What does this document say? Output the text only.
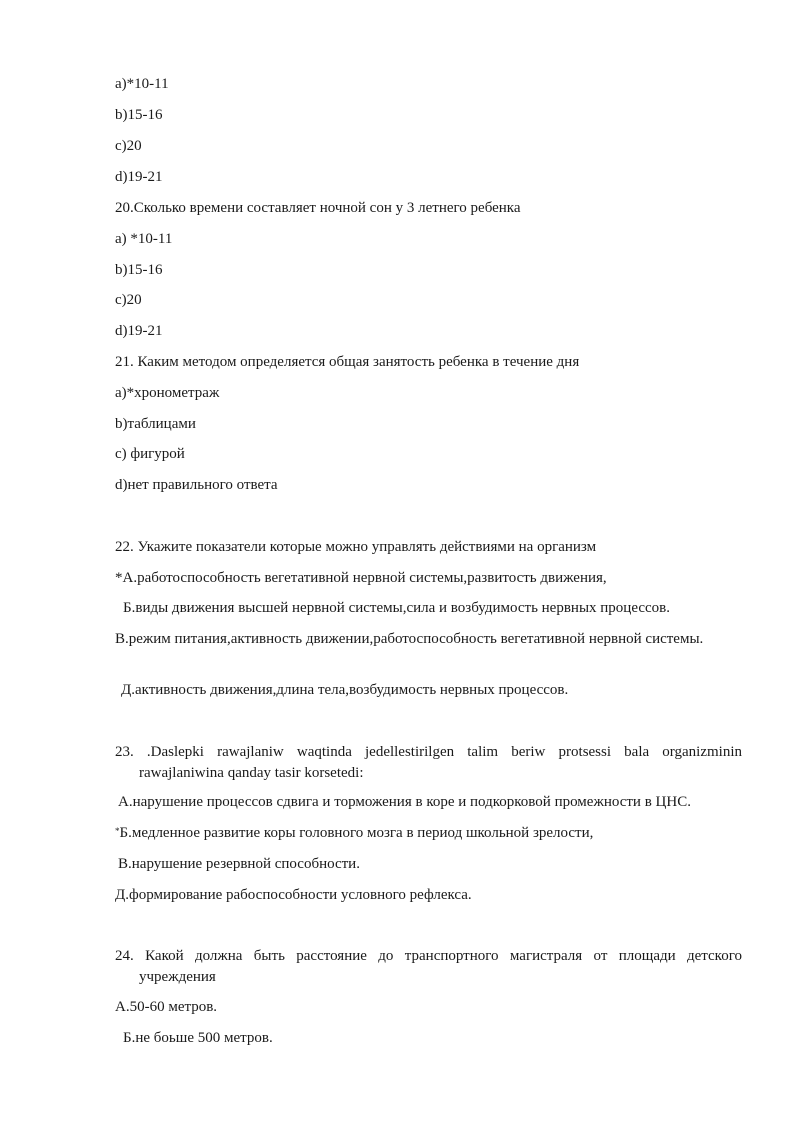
a)*10-11
b)15-16
c)20
d)19-21
20.Сколько времени составляет ночной сон у 3 летнего ребенка
a) *10-11
b)15-16
c)20
d)19-21
21. Каким методом определяется общая занятость ребенка в течение дня
a)*хронометраж
b)таблицами
c) фигурой
d)нет правильного ответа
22. Укажите показатели которые можно управлять действиями на организм
*А.работоспособность вегетативной нервной системы,развитость движения,
Б.виды движения высшей нервной системы,сила и возбудимость нервных процессов.
В.режим питания,активность движении,работоспособность вегетативной нервной системы.
Д.активность движения,длина тела,возбудимость нервных процессов.
23. .Daslepki rawajlaniw waqtinda jedellestirilgen talim beriw protsessi bala organizminin rawajlaniwina qanday tasir korsetedi:
А.нарушение процессов сдвига и торможения в коре и подкорковой промежности в ЦНС.
*Б.медленное развитие коры головного мозга в период школьной зрелости,
В.нарушение резервной способности.
Д.формирование рабоспособности условного рефлекса.
24. Какой должна быть расстояние до транспортного магистраля от площади детского учреждения
А.50-60 метров.
Б.не бoьше 500 метров.
